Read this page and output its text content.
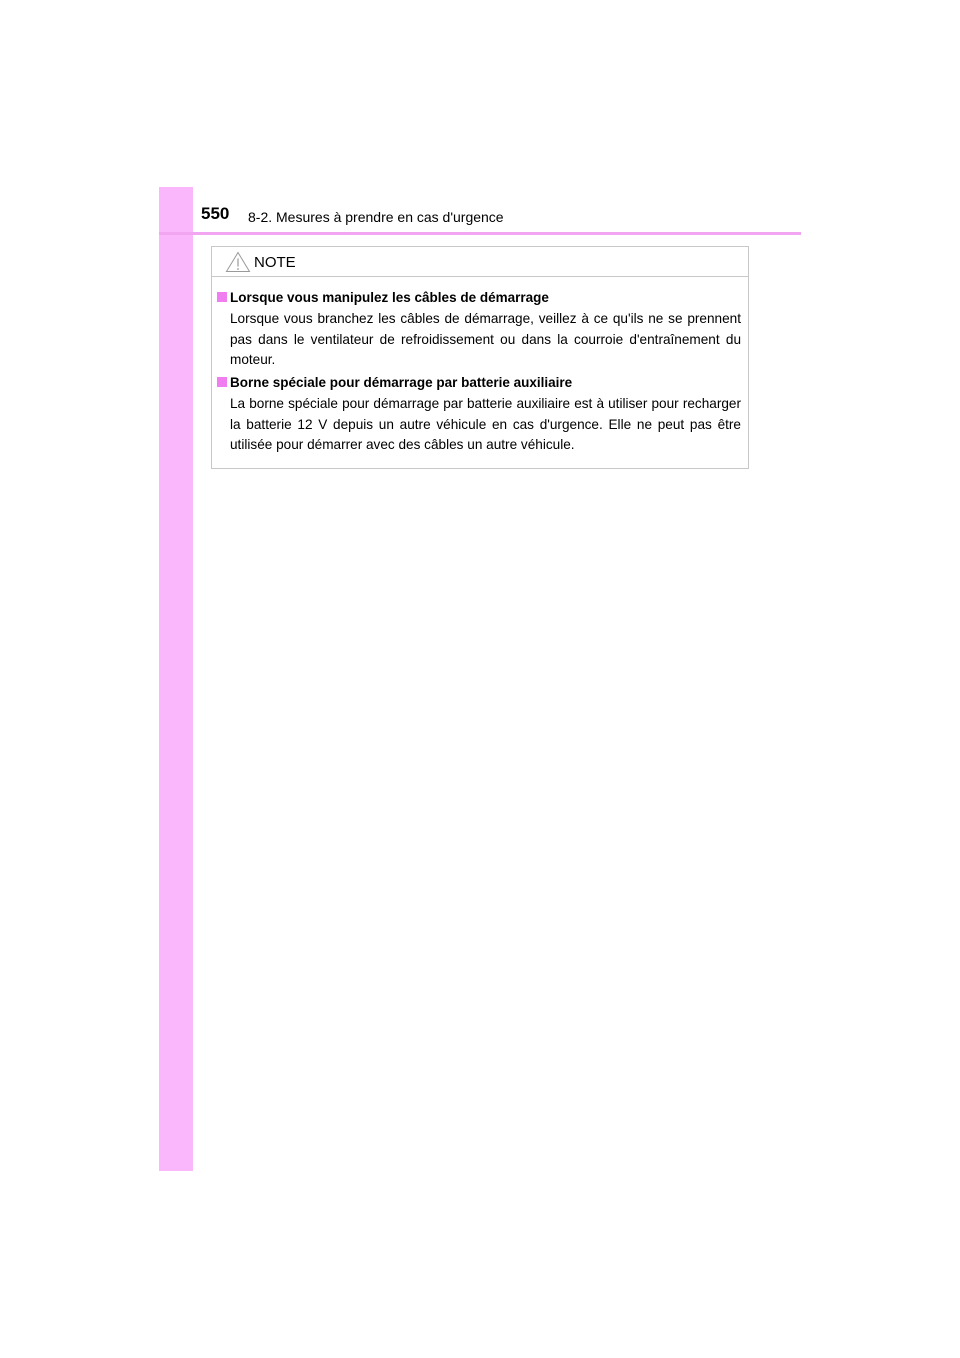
550 8-2. Mesures à prendre en cas d'urgence
NOTE
Lorsque vous manipulez les câbles de démarrage
Lorsque vous branchez les câbles de démarrage, veillez à ce qu'ils ne se prennent pas dans le ventilateur de refroidissement ou dans la courroie d'entraînement du moteur.
Borne spéciale pour démarrage par batterie auxiliaire
La borne spéciale pour démarrage par batterie auxiliaire est à utiliser pour recharger la batterie 12 V depuis un autre véhicule en cas d'urgence. Elle ne peut pas être utilisée pour démarrer avec des câbles un autre véhicule.
